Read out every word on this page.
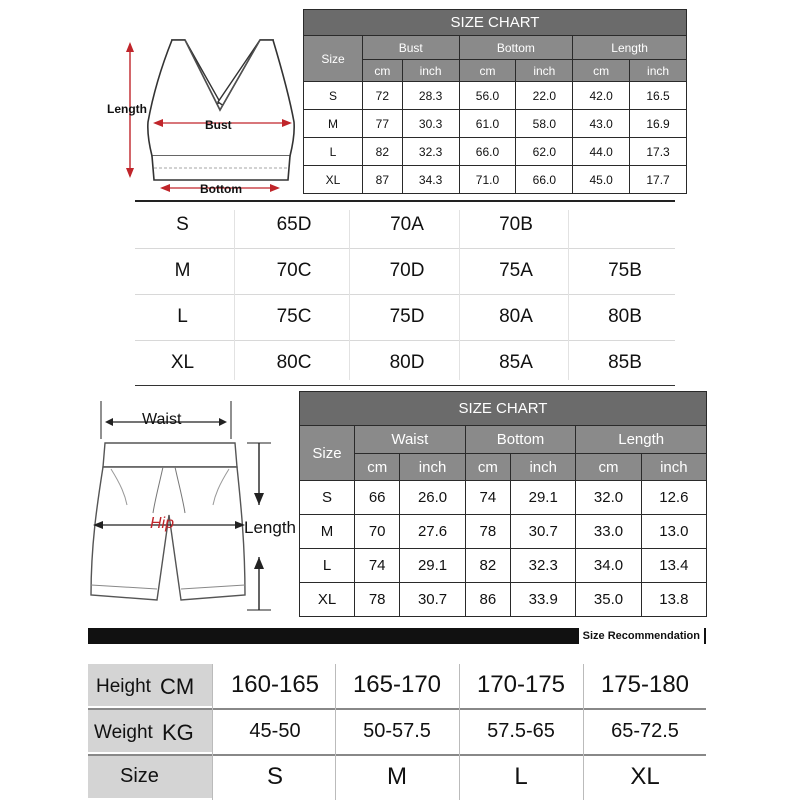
Length
Bust
Bottom
SIZE CHART						
Size	Bust		Bottom		Length	
	cm	inch	cm	inch	cm	inch
S	72	28.3	56.0	22.0	42.0	16.5
M	77	30.3	61.0	58.0	43.0	16.9
L	82	32.3	66.0	62.0	44.0	17.3
XL	87	34.3	71.0	66.0	45.0	17.7
S	65D	70A	70B
M	70C	70D	75A	75B
L	75C	75D	80A	80B
XL	80C	80D	85A	85B
Waist
Hip	Length
SIZE CHART						
Size	Waist		Bottom		Length	
	cm	inch	cm	inch	cm	inch
S	66	26.0	74	29.1	32.0	12.6
M	70	27.6	78	30.7	33.0	13.0
L	74	29.1	82	32.3	34.0	13.4
XL	78	30.7	86	33.9	35.0	13.8
Size Recommendation
Height CM	160-165	165-170	170-175	175-180
Weight KG	45-50	50-57.5	57.5-65	65-72.5
Size	S	M	L	XL
